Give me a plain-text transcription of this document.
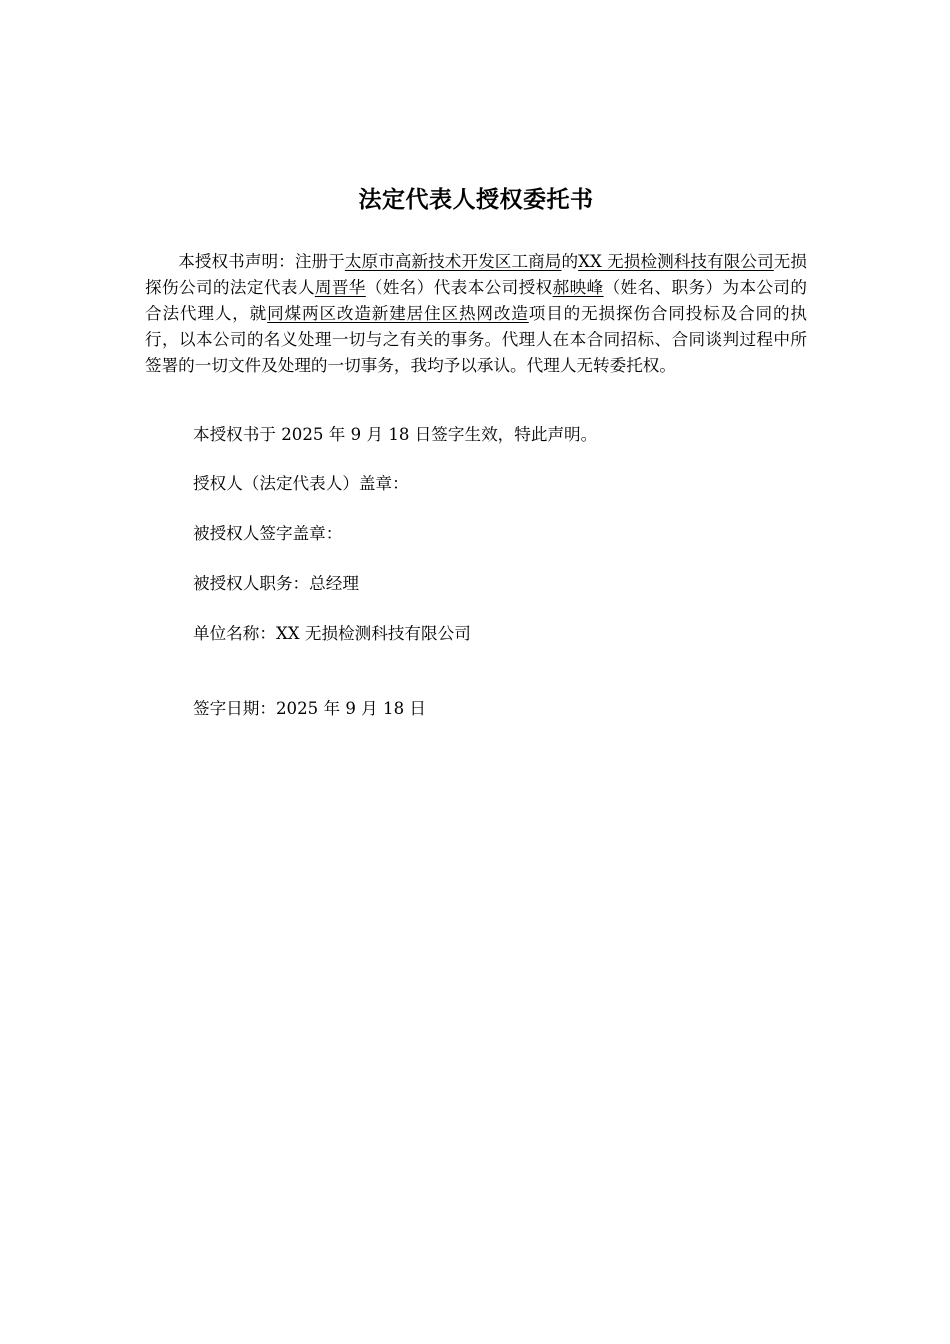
法定代表人授权委托书

本授权书声明：注册于太原市高新技术开发区工商局的XX 无损检测科技有限公司无损探伤公司的法定代表人周晋华（姓名）代表本公司授权郝映峰（姓名、职务）为本公司的合法代理人，就同煤两区改造新建居住区热网改造项目的无损探伤合同投标及合同的执行，以本公司的名义处理一切与之有关的事务。代理人在本合同招标、合同谈判过程中所签署的一切文件及处理的一切事务，我均予以承认。代理人无转委托权。

本授权书于 2025 年 9 月 18 日签字生效，特此声明。
授权人（法定代表人）盖章：
被授权人签字盖章：
被授权人职务：总经理
单位名称：XX 无损检测科技有限公司
签字日期：2025 年 9 月 18 日
